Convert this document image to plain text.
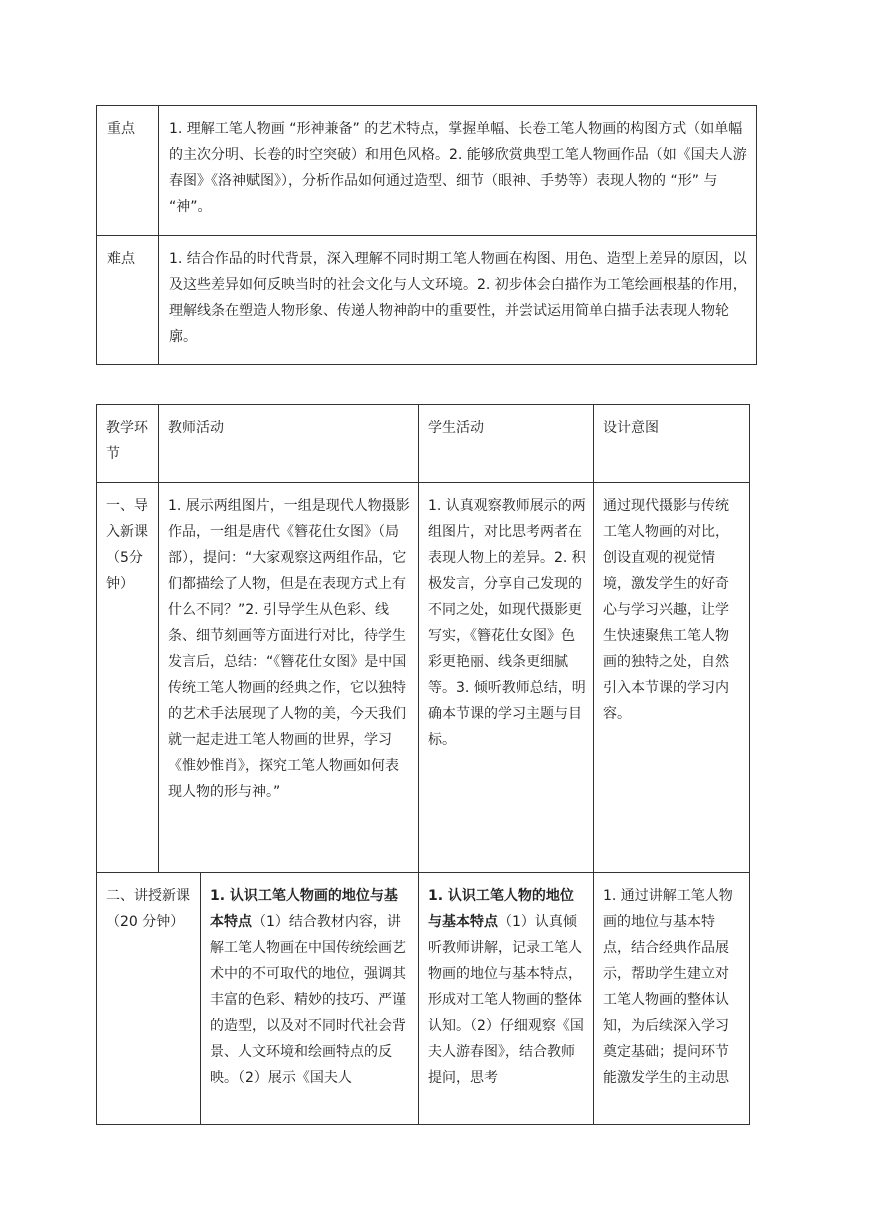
重点	1. 理解工笔人物画 “形神兼备” 的艺术特点，掌握单幅、长卷工笔人物画的构图方式（如单幅的主次分明、长卷的时空突破）和用色风格。2. 能够欣赏典型工笔人物画作品（如《国夫人游春图》《洛神赋图》），分析作品如何通过造型、细节（眼神、手势等）表现人物的 “形” 与 “神”。
难点	1. 结合作品的时代背景，深入理解不同时期工笔人物画在构图、用色、造型上差异的原因，以及这些差异如何反映当时的社会文化与人文环境。2. 初步体会白描作为工笔绘画根基的作用，理解线条在塑造人物形象、传递人物神韵中的重要性，并尝试运用简单白描手法表现人物轮廓。
教学环节	教师活动		学生活动	设计意图
一、导入新课（5分钟）	1. 展示两组图片，一组是现代人物摄影作品，一组是唐代《簪花仕女图》（局部），提问：“大家观察这两组作品，它们都描绘了人物，但是在表现方式上有什么不同？”2. 引导学生从色彩、线条、细节刻画等方面进行对比，待学生发言后，总结：“《簪花仕女图》是中国传统工笔人物画的经典之作，它以独特的艺术手法展现了人物的美，今天我们就一起走进工笔人物画的世界，学习《惟妙惟肖》，探究工笔人物画如何表现人物的形与神。”		1. 认真观察教师展示的两组图片，对比思考两者在表现人物上的差异。2. 积极发言，分享自己发现的不同之处，如现代摄影更写实，《簪花仕女图》色彩更艳丽、线条更细腻等。3. 倾听教师总结，明确本节课的学习主题与目标。	通过现代摄影与传统工笔人物画的对比，创设直观的视觉情境，激发学生的好奇心与学习兴趣，让学生快速聚焦工笔人物画的独特之处，自然引入本节课的学习内容。
二、讲授新课（20 分钟）		1. 认识工笔人物画的地位与基本特点（1）结合教材内容，讲解工笔人物画在中国传统绘画艺术中的不可取代的地位，强调其丰富的色彩、精妙的技巧、严谨的造型，以及对不同时代社会背景、人文环境和绘画特点的反映。（2）展示《国夫人	1. 认识工笔人物的地位与基本特点（1）认真倾听教师讲解，记录工笔人物画的地位与基本特点，形成对工笔人物画的整体认知。（2）仔细观察《国夫人游春图》，结合教师提问，思考	1. 通过讲解工笔人物画的地位与基本特点，结合经典作品展示，帮助学生建立对工笔人物画的整体认知，为后续深入学习奠定基础；提问环节能激发学生的主动思
